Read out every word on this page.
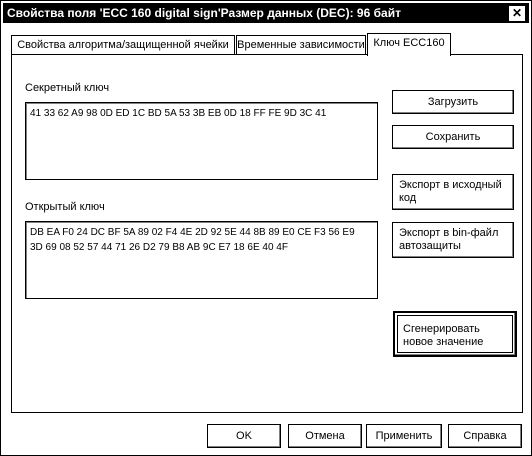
Свойства поля 'ECC 160 digital sign'Размер данных (DEC): 96 байт	✕
Свойства алгоритма/защищенной ячейки Временные зависимости Ключ ECC160
Секретный ключ
41 33 62 A9 98 0D ED 1C BD 5A 53 3B EB 0D 18 FF FE 9D 3C 41
Открытый ключ
DB EA F0 24 DC BF 5A 89 02 F4 4E 2D 92 5E 44 8B 89 E0 CE F3 56 E9
3D 69 08 52 57 44 71 26 D2 79 B8 AB 9C E7 18 6E 40 4F
Загрузить
Сохранить
Экспорт в исходный код
Экспорт в bin-файл автозащиты
Сгенерировать новое значение
OK	Отмена	Применить	Справка
